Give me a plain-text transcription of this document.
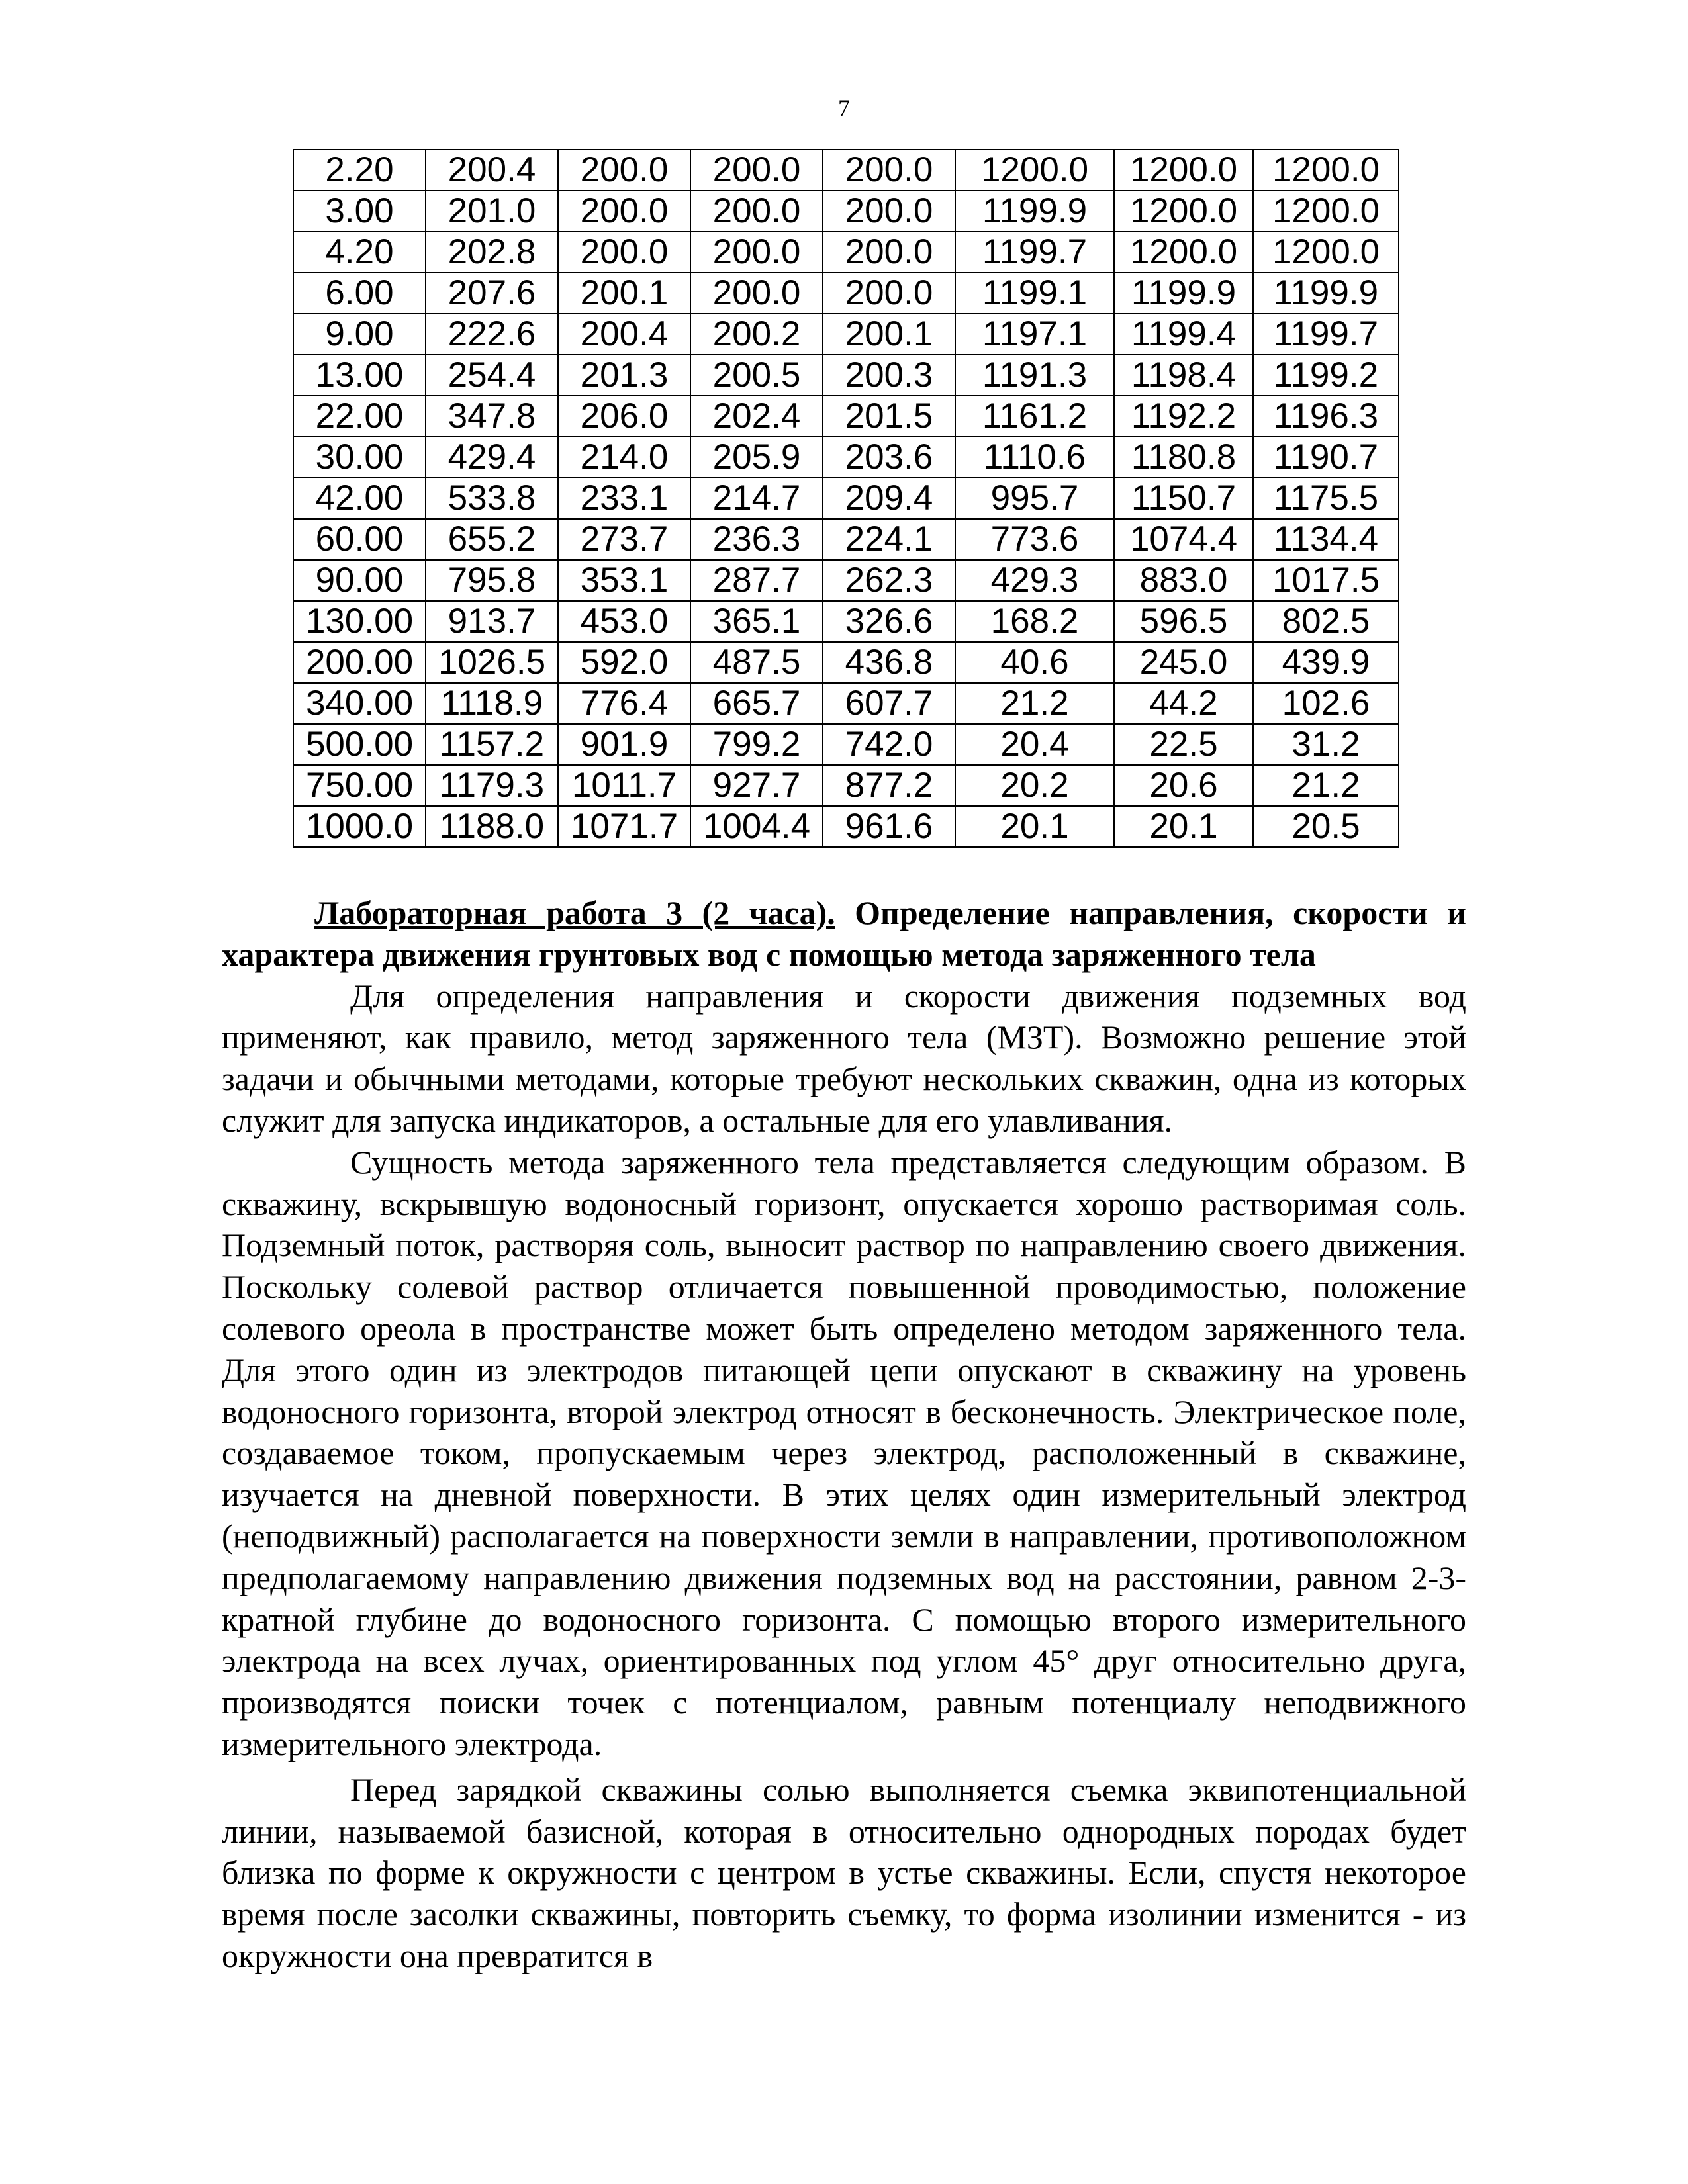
7
2.20	200.4	200.0	200.0	200.0	1200.0	1200.0	1200.0
3.00	201.0	200.0	200.0	200.0	1199.9	1200.0	1200.0
4.20	202.8	200.0	200.0	200.0	1199.7	1200.0	1200.0
6.00	207.6	200.1	200.0	200.0	1199.1	1199.9	1199.9
9.00	222.6	200.4	200.2	200.1	1197.1	1199.4	1199.7
13.00	254.4	201.3	200.5	200.3	1191.3	1198.4	1199.2
22.00	347.8	206.0	202.4	201.5	1161.2	1192.2	1196.3
30.00	429.4	214.0	205.9	203.6	1110.6	1180.8	1190.7
42.00	533.8	233.1	214.7	209.4	995.7	1150.7	1175.5
60.00	655.2	273.7	236.3	224.1	773.6	1074.4	1134.4
90.00	795.8	353.1	287.7	262.3	429.3	883.0	1017.5
130.00	913.7	453.0	365.1	326.6	168.2	596.5	802.5
200.00	1026.5	592.0	487.5	436.8	40.6	245.0	439.9
340.00	1118.9	776.4	665.7	607.7	21.2	44.2	102.6
500.00	1157.2	901.9	799.2	742.0	20.4	22.5	31.2
750.00	1179.3	1011.7	927.7	877.2	20.2	20.6	21.2
1000.0	1188.0	1071.7	1004.4	961.6	20.1	20.1	20.5

Лабораторная работа 3 (2 часа). Определение направления, скорости и характера движения грунтовых вод с помощью метода заряженного тела

Для определения направления и скорости движения подземных вод применяют, как правило, метод заряженного тела (МЗТ). Возможно решение этой задачи и обычными методами, которые требуют нескольких скважин, одна из которых служит для запуска индикаторов, а остальные для его улавливания.

Сущность метода заряженного тела представляется следующим образом. В скважину, вскрывшую водоносный горизонт, опускается хорошо растворимая соль. Подземный поток, растворяя соль, выносит раствор по направлению своего движения. Поскольку солевой раствор отличается повышенной проводимостью, положение солевого ореола в пространстве может быть определено методом заряженного тела. Для этого один из электродов питающей цепи опускают в скважину на уровень водоносного горизонта, второй электрод относят в бесконечность. Электрическое поле, создаваемое током, пропускаемым через электрод, расположенный в скважине, изучается на дневной поверхности. В этих целях один измерительный электрод (неподвижный) располагается на поверхности земли в направлении, противоположном предполагаемому направлению движения подземных вод на расстоянии, равном 2-3-кратной глубине до водоносного горизонта. С помощью второго измерительного электрода на всех лучах, ориентированных под углом 45° друг относительно друга, производятся поиски точек с потенциалом, равным потенциалу неподвижного измерительного электрода.

Перед зарядкой скважины солью выполняется съемка эквипотенциальной линии, называемой базисной, которая в относительно однородных породах будет близка по форме к окружности с центром в устье скважины. Если, спустя некоторое время после засолки скважины, повторить съемку, то форма изолинии изменится - из окружности она превратится в
